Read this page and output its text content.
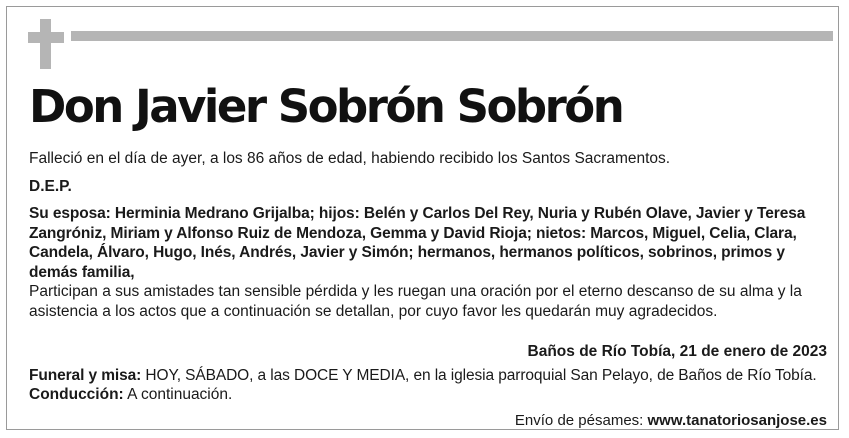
Don Javier Sobrón Sobrón

Falleció en el día de ayer, a los 86 años de edad, habiendo recibido los Santos Sacramentos.

D.E.P.

Su esposa: Herminia Medrano Grijalba; hijos: Belén y Carlos Del Rey, Nuria y Rubén Olave, Javier y Teresa Zangróniz, Miriam y Alfonso Ruiz de Mendoza, Gemma y David Rioja; nietos: Marcos, Miguel, Celia, Clara, Candela, Álvaro, Hugo, Inés, Andrés, Javier y Simón; hermanos, hermanos políticos, sobrinos, primos y demás familia,

Participan a sus amistades tan sensible pérdida y les ruegan una oración por el eterno descanso de su alma y la asistencia a los actos que a continuación se detallan, por cuyo favor les quedarán muy agradecidos.

Baños de Río Tobía, 21 de enero de 2023

Funeral y misa: HOY, SÁBADO, a las DOCE Y MEDIA, en la iglesia parroquial San Pelayo, de Baños de Río Tobía.

Conducción: A continuación.

Envío de pésames: www.tanatoriosanjose.es
